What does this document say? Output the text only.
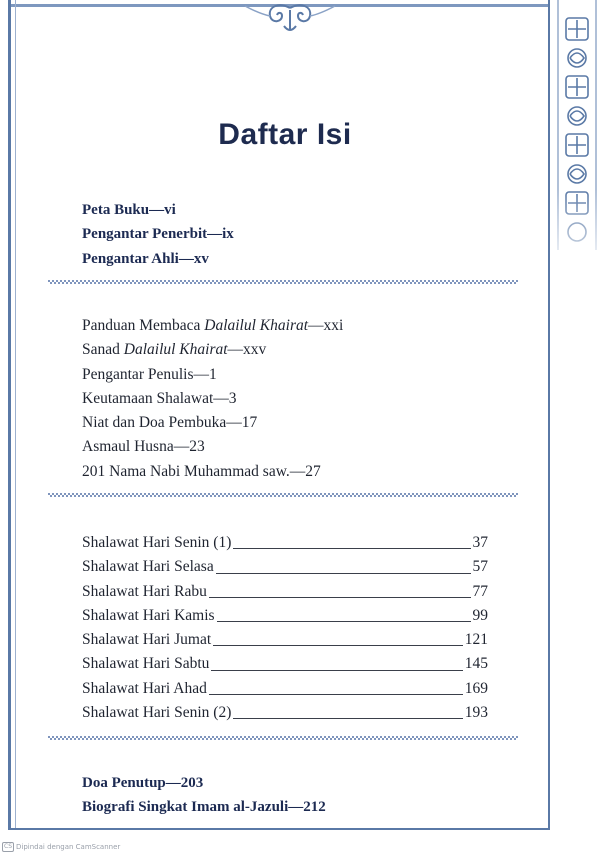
Daftar Isi
Peta Buku—vi
Pengantar Penerbit—ix
Pengantar Ahli—xv
Panduan Membaca Dalailul Khairat—xxi
Sanad Dalailul Khairat—xxv
Pengantar Penulis—1
Keutamaan Shalawat—3
Niat dan Doa Pembuka—17
Asmaul Husna—23
201 Nama Nabi Muhammad saw.—27
Shalawat Hari Senin (1)	37
Shalawat Hari Selasa	57
Shalawat Hari Rabu	77
Shalawat Hari Kamis	99
Shalawat Hari Jumat	121
Shalawat Hari Sabtu	145
Shalawat Hari Ahad	169
Shalawat Hari Senin (2)	193
Doa Penutup—203
Biografi Singkat Imam al-Jazuli—212
CS Dipindai dengan CamScanner
